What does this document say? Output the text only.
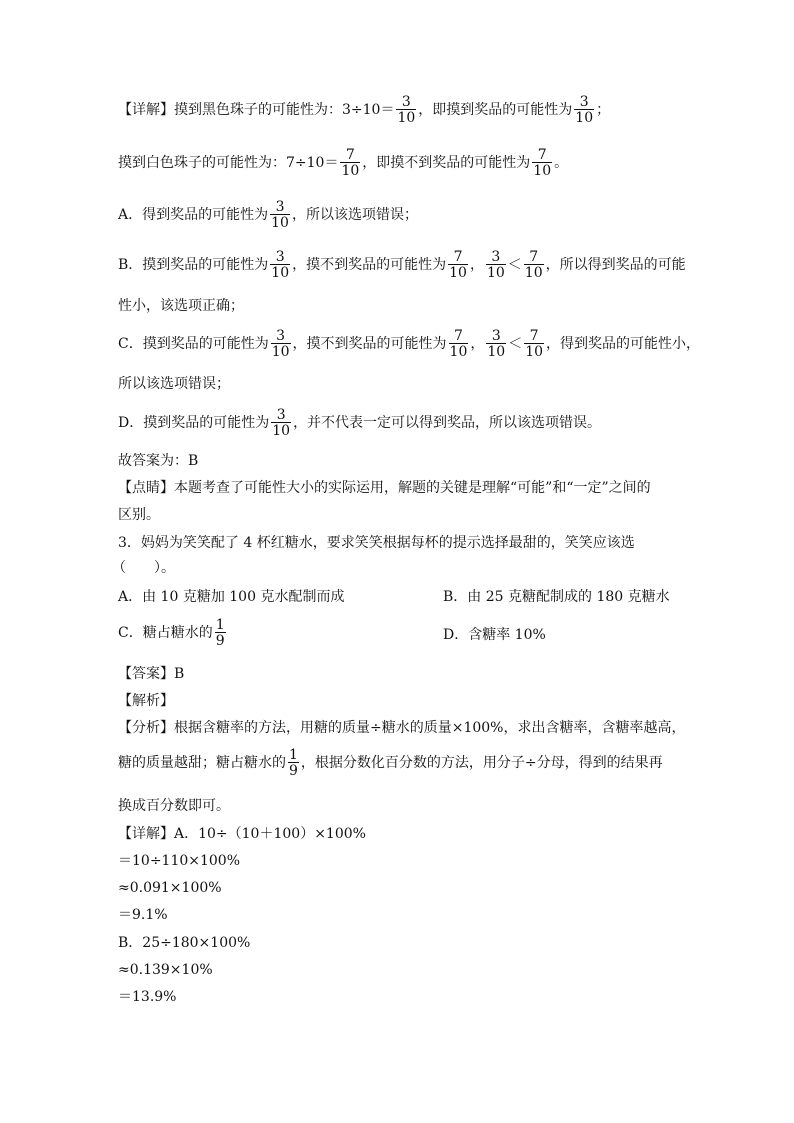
【详解】摸到黑色珠子的可能性为：$3\div 10= \frac{3}{10}$ ，即摸到奖品的可能性为 $\frac{3}{10}$ ；
摸到白色珠子的可能性为：$7\div 10= \frac{7}{10}$ ，即摸不到奖品的可能性为 $\frac{7}{10}$ 。
A．得到奖品的可能性为 $\frac{3}{10}$ ，所以该选项错误；
B．摸到奖品的可能性为 $\frac{3}{10}$ ，摸不到奖品的可能性为 $\frac{7}{10}$ ， $\frac{3}{10} < \frac{7}{10}$ ，所以得到奖品的可能
性小，该选项正确；
C．摸到奖品的可能性为 $\frac{3}{10}$ ，摸不到奖品的可能性为 $\frac{7}{10}$ ， $\frac{3}{10} < \frac{7}{10}$ ，得到奖品的可能性小，
所以该选项错误；
D．摸到奖品的可能性为 $\frac{3}{10}$ ，并不代表一定可以得到奖品，所以该选项错误。
故答案为：B
【点睛】本题考查了可能性大小的实际运用，解题的关键是理解“可能”和“一定”之间的
区别。
3．妈妈为笑笑配了 4 杯红糖水，要求笑笑根据每杯的提示选择最甜的，笑笑应该选
（　　）。
A．由 10 克糖加 100 克水配制而成	B．由 25 克糖配制成的 180 克糖水
C．糖占糖水的 $\frac{1}{9}$	D．含糖率 10%
【答案】B
【解析】
【分析】根据含糖率的方法，用糖的质量÷糖水的质量×100%，求出含糖率，含糖率越高，
糖的质量越甜；糖占糖水的 $\frac{1}{9}$ ，根据分数化百分数的方法，用分子÷分母，得到的结果再
换成百分数即可。
【详解】A．10÷（10＋100）×100%
＝10÷110×100%
≈0.091×100%
＝9.1%
B．25÷180×100%
≈0.139×10%
＝13.9%
